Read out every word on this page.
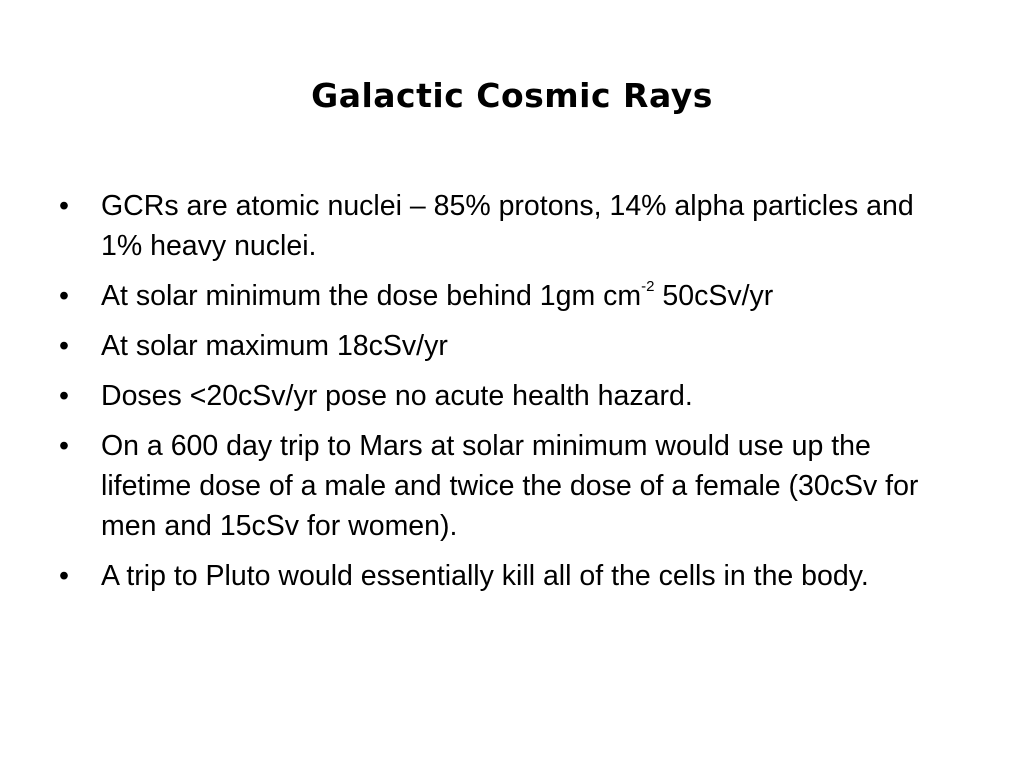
Galactic Cosmic Rays
•	GCRs are atomic nuclei – 85% protons, 14% alpha particles and 1% heavy nuclei.
•	At solar minimum the dose behind 1gm $cm^{-2}$ 50cSv/yr
•	At solar maximum 18cSv/yr
•	Doses <20cSv/yr pose no acute health hazard.
•	On a 600 day trip to Mars at solar minimum would use up the lifetime dose of a male and twice the dose of a female (30cSv for men and 15cSv for women).
•	A trip to Pluto would essentially kill all of the cells in the body.
